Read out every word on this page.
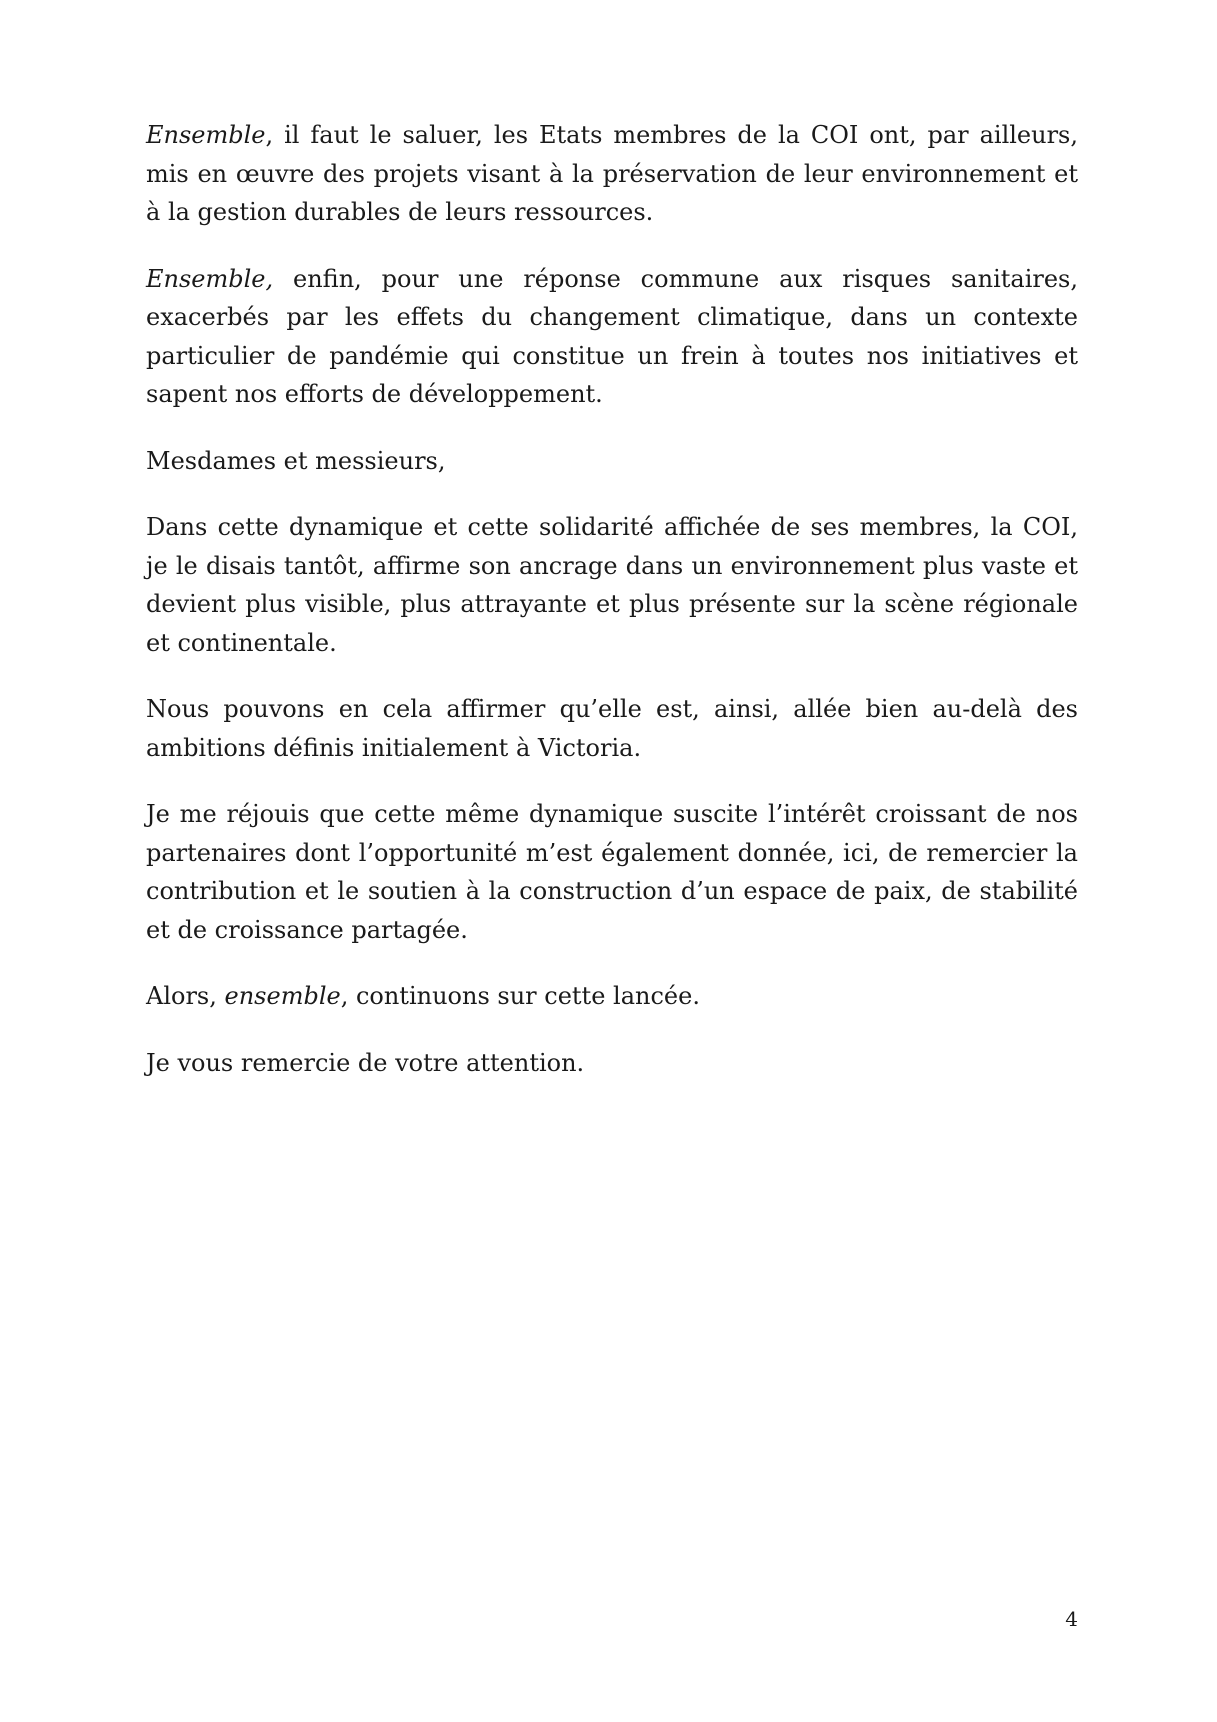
Ensemble, il faut le saluer, les Etats membres de la COI ont, par ailleurs, mis en œuvre des projets visant à la préservation de leur environnement et à la gestion durables de leurs ressources.

Ensemble, enfin, pour une réponse commune aux risques sanitaires, exacerbés par les effets du changement climatique, dans un contexte particulier de pandémie qui constitue un frein à toutes nos initiatives et sapent nos efforts de développement.

Mesdames et messieurs,

Dans cette dynamique et cette solidarité affichée de ses membres, la COI, je le disais tantôt, affirme son ancrage dans un environnement plus vaste et devient plus visible, plus attrayante et plus présente sur la scène régionale et continentale.

Nous pouvons en cela affirmer qu’elle est, ainsi, allée bien au-delà des ambitions définis initialement à Victoria.

Je me réjouis que cette même dynamique suscite l’intérêt croissant de nos partenaires dont l’opportunité m’est également donnée, ici, de remercier la contribution et le soutien à la construction d’un espace de paix, de stabilité et de croissance partagée.

Alors, ensemble, continuons sur cette lancée.

Je vous remercie de votre attention.

4
